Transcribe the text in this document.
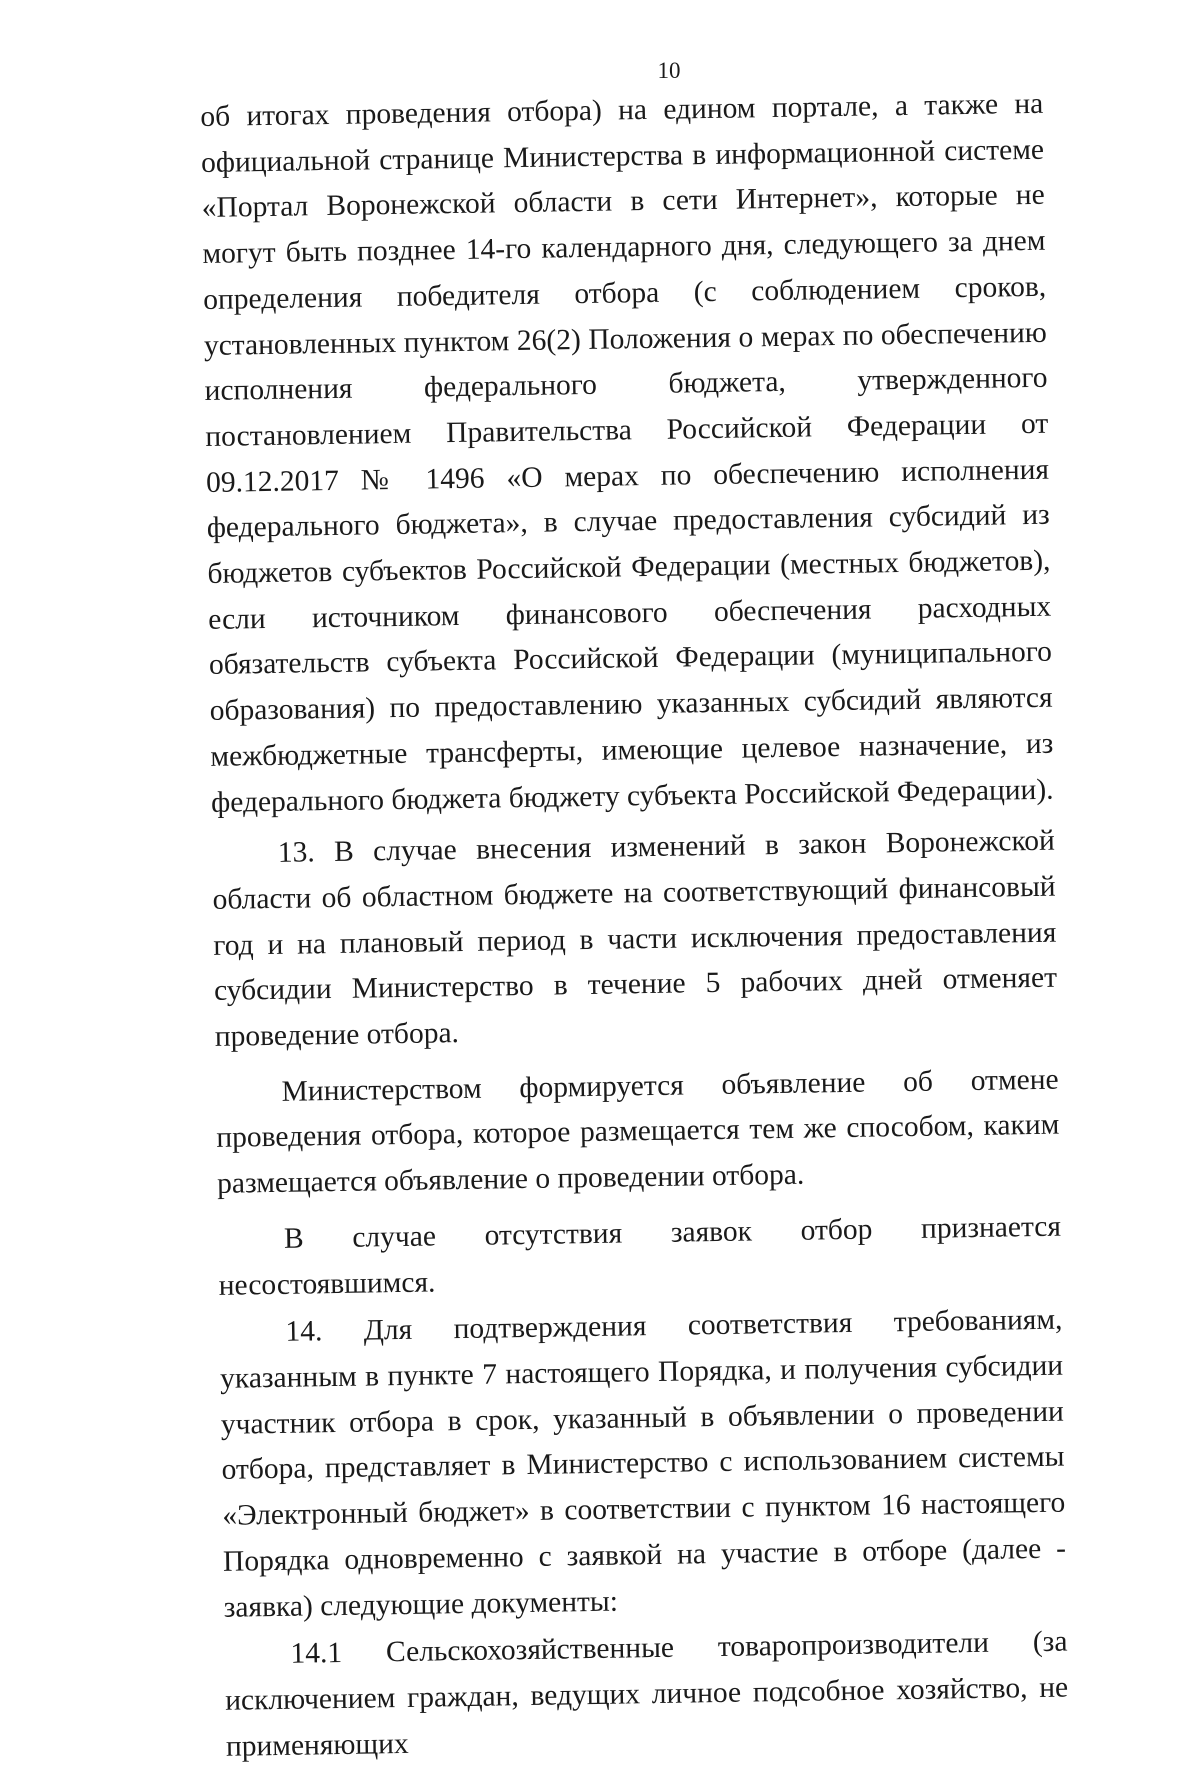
10

об итогах проведения отбора) на едином портале, а также на официальной странице Министерства в информационной системе «Портал Воронежской области в сети Интернет», которые не могут быть позднее 14-го календарного дня, следующего за днем определения победителя отбора (с соблюдением сроков, установленных пунктом 26(2) Положения о мерах по обеспечению исполнения федерального бюджета, утвержденного постановлением Правительства Российской Федерации от 09.12.2017 № 1496 «О мерах по обеспечению исполнения федерального бюджета», в случае предоставления субсидий из бюджетов субъектов Российской Федерации (местных бюджетов), если источником финансового обеспечения расходных обязательств субъекта Российской Федерации (муниципального образования) по предоставлению указанных субсидий являются межбюджетные трансферты, имеющие целевое назначение, из федерального бюджета бюджету субъекта Российской Федерации).

13. В случае внесения изменений в закон Воронежской области об областном бюджете на соответствующий финансовый год и на плановый период в части исключения предоставления субсидии Министерство в течение 5 рабочих дней отменяет проведение отбора.

Министерством формируется объявление об отмене проведения отбора, которое размещается тем же способом, каким размещается объявление о проведении отбора.

В случае отсутствия заявок отбор признается несостоявшимся.

14. Для подтверждения соответствия требованиям, указанным в пункте 7 настоящего Порядка, и получения субсидии участник отбора в срок, указанный в объявлении о проведении отбора, представляет в Министерство с использованием системы «Электронный бюджет» в соответствии с пунктом 16 настоящего Порядка одновременно с заявкой на участие в отборе (далее - заявка) следующие документы:

14.1 Сельскохозяйственные товаропроизводители (за исключением граждан, ведущих личное подсобное хозяйство, не применяющих
